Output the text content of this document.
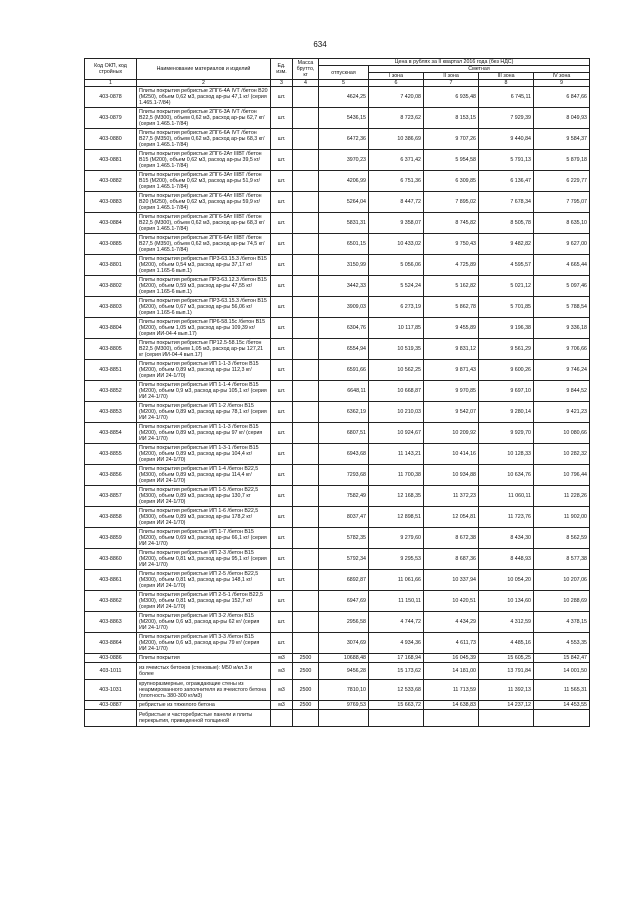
634
Код ОКП, код стройных	Наименование материалов и изделий	Ед. изм.	Масса брутто, кг	Цена в рублях за II квартал 2016 года (без НДС)				
				отпускная	Сметная			
					I зона	II зона	III зона	IV зона
1	2	3	4	5	6	7	8	9
403-0878	Плиты покрытия ребристые 2ПГ6-4А IVТ /бетон В20 (М250), объем 0,62 м3, расход ар-ры 47,1 кг/ (серия 1.465.1-7/84)	шт.		4624,25	7 420,08	6 935,48	6 745,11	6 847,66
403-0879	Плиты покрытия ребристые 2ПГ6-3А IVТ /бетон В22,5 (М300), объем 0,62 м3, расход ар-ры 62,7 кг/ (серия 1.465.1-7/84)	шт.		5436,15	8 723,62	8 153,15	7 929,39	8 049,93
403-0880	Плиты покрытия ребристые 2ПГ6-6А IVТ /бетон В27,5 (М350), объем 0,62 м3, расход ар-ры 68,3 кг/ (серия 1.465.1-7/84)	шт.		6472,36	10 386,69	9 707,26	9 440,84	9 584,37
403-0881	Плиты покрытия ребристые 2ПГ6-2Ат IIIВТ /бетон В15 (М200), объем 0,62 м3, расход ар-ры 39,5 кг/ (серия 1.465.1-7/84)	шт.		3970,23	6 371,42	5 954,58	5 791,13	5 879,18
403-0882	Плиты покрытия ребристые 2ПГ6-3Ат IIIВТ /бетон В15 (М200), объем 0,62 м3, расход ар-ры 51,9 кг/ (серия 1.465.1-7/84)	шт.		4206,99	6 751,36	6 309,85	6 136,47	6 229,77
403-0883	Плиты покрытия ребристые 2ПГ6-4Ат IIIВТ /бетон В20 (М250), объем 0,62 м3, расход ар-ры 59,9 кг/ (серия 1.465.1-7/84)	шт.		5264,04	8 447,72	7 895,02	7 678,34	7 795,07
403-0884	Плиты покрытия ребристые 2ПГ6-5Ат IIIВТ /бетон В22,5 (М300), объем 0,62 м3, расход ар-ры 68,3 кг/ (серия 1.465.1-7/84)	шт.		5831,31	9 358,07	8 745,82	8 505,78	8 635,10
403-0885	Плиты покрытия ребристые 2ПГ6-6Ат IIIВТ /бетон В27,5 (М350), объем 0,62 м3, расход ар-ры 74,5 кг/ (серия 1.465.1-7/84)	шт.		6501,15	10 433,02	9 750,43	9 482,82	9 627,00
403-8801	Плиты покрытия ребристые ПР3-63.15.3 /бетон В15 (М200), объем 0,54 м3, расход ар-ры 37,17 кг/ (серия 1.165-6 вып.1)	шт.		3150,99	5 056,06	4 725,89	4 595,57	4 665,44
403-8802	Плиты покрытия ребристые ПР3-63.12.3 /бетон В15 (М200), объем 0,59 м3, расход ар-ры 47,55 кг/ (серия 1.165-6 вып.1)	шт.		3442,33	5 524,24	5 162,82	5 021,12	5 097,46
403-8803	Плиты покрытия ребристые ПР3-63.15.3 /бетон В15 (М200), объем 0,67 м3, расход ар-ры 56,06 кг/ (серия 1.165-6 вып.1)	шт.		3909,03	6 273,19	5 862,78	5 701,85	5 788,54
403-8804	Плиты покрытия ребристые ПР6-58.15с /бетон В15 (М200), объем 1,05 м3, расход ар-ры 109,39 кг/ (серия ИИ-04-4 вып.17)	шт.		6304,76	10 117,85	9 455,89	9 196,38	9 336,18
403-8805	Плиты покрытия ребристые ПР12.5-58.15с /бетон В22,5 (М300), объем 1,05 м3, расход ар-ры 127,21 кг (серия ИИ-04-4 вып.17)	шт.		6554,94	10 519,35	9 831,12	9 561,29	9 706,66
403-8851	Плиты покрытия ребристые ИП 1-1-3 /бетон В15 (М200), объем 0,89 м3, расход ар-ры 112,3 кг/ (серия ИИ 24-1/70)	шт.		6591,66	10 562,25	9 871,43	9 600,26	9 746,24
403-8852	Плиты покрытия ребристые ИП 1-1-4 /бетон В15 (М200), объем 0,9 м3, расход ар-ры 105,1 кг/ (серия ИИ 24-1/70)	шт.		6648,11	10 668,87	9 970,85	9 697,10	9 844,52
403-8853	Плиты покрытия ребристые ИП 1-2 /бетон В15 (М200), объем 0,89 м3, расход ар-ры 78,1 кг/ (серия ИИ 24-1/70)	шт.		6362,19	10 210,03	9 542,07	9 280,14	9 421,23
403-8854	Плиты покрытия ребристые ИП 1-1-3 /бетон В15 (М200), объем 0,89 м3, расход ар-ры 97 кг/ (серия ИИ 24-1/70)	шт.		6807,51	10 924,67	10 209,92	9 929,70	10 080,66
403-8855	Плиты покрытия ребристые ИП 1-3-1 /бетон В15 (М200), объем 0,89 м3, расход ар-ры 104,4 кг/ (серия ИИ 24-1/70)	шт.		6943,68	11 143,21	10 414,16	10 128,33	10 282,32
403-8856	Плиты покрытия ребристые ИП 1-4 /бетон В22,5 (М300), объем 0,89 м3, расход ар-ры 114,4 кг/ (серия ИИ 24-1/70)	шт.		7293,68	11 700,38	10 934,88	10 634,76	10 796,44
403-8857	Плиты покрытия ребристые ИП 1-5 /бетон В22,5 (М300), объем 0,89 м3, расход ар-ры 130,7 кг (серия ИИ 24-1/70)	шт.		7582,49	12 168,35	11 372,23	11 060,11	11 228,26
403-8858	Плиты покрытия ребристые ИП 1-6 /бетон В22,5 (М300), объем 0,89 м3, расход ар-ры 178,2 кг/ (серия ИИ 24-1/70)	шт.		8037,47	12 898,51	12 054,81	11 723,76	11 902,00
403-8859	Плиты покрытия ребристые ИП 1-7 /бетон В15 (М200), объем 0,69 м3, расход ар-ры 66,1 кг/ (серия ИИ 24-1/70)	шт.		5782,35	9 279,60	8 672,38	8 434,30	8 562,59
403-8860	Плиты покрытия ребристые ИП 2-3 /бетон В15 (М200), объем 0,81 м3, расход ар-ры 95,1 кг/ (серия ИИ 24-1/70)	шт.		5792,34	9 295,53	8 687,36	8 448,93	8 577,38
403-8861	Плиты покрытия ребристые ИП 2-5 /бетон В22,5 (М300), объем 0,81 м3, расход ар-ры 148,1 кг/ (серия ИИ 24-1/70)	шт.		6892,87	11 061,66	10 337,94	10 054,20	10 207,06
403-8862	Плиты покрытия ребристые ИП 2-5-1 /бетон В22,5 (М300), объем 0,81 м3, расход ар-ры 152,7 кг/ (серия ИИ 24-1/70)	шт.		6947,69	11 150,11	10 420,51	10 134,60	10 288,69
403-8863	Плиты покрытия ребристые ИП 3-2 /бетон В15 (М200), объем 0,6 м3, расход ар-ры 62 кг/ (серия ИИ 24-1/70)	шт.		2956,58	4 744,72	4 434,29	4 312,59	4 378,15
403-8864	Плиты покрытия ребристые ИП 3-3 /бетон В15 (М200), объем 0,6 м3, расход ар-ры 79 кг/ (серия ИИ 24-1/70)	шт.		3074,69	4 934,36	4 611,73	4 485,16	4 553,35
403-0886	Плиты покрытия	м3	2500	10688,48	17 168,94	16 045,39	15 605,25	15 842,47
403-1011	из ячеистых бетонов (стеновые): М50 и/кл.3 и более	м3	2500	9456,28	15 173,62	14 181,00	13 791,84	14 001,50
403-1031	крупноразмерные, ограждающие стены из неармированного заполнителя из ячеистого бетона (плотность 380-300 кг/м3)	м3	2500	7810,10	12 533,68	11 713,59	11 392,13	11 565,31
403-0887	ребристые из тяжелого бетона	м3	2500	9769,53	15 663,72	14 638,83	14 237,12	14 453,55
	Ребристые и часторебристые панели и плиты перекрытия, приведенной толщиной							
